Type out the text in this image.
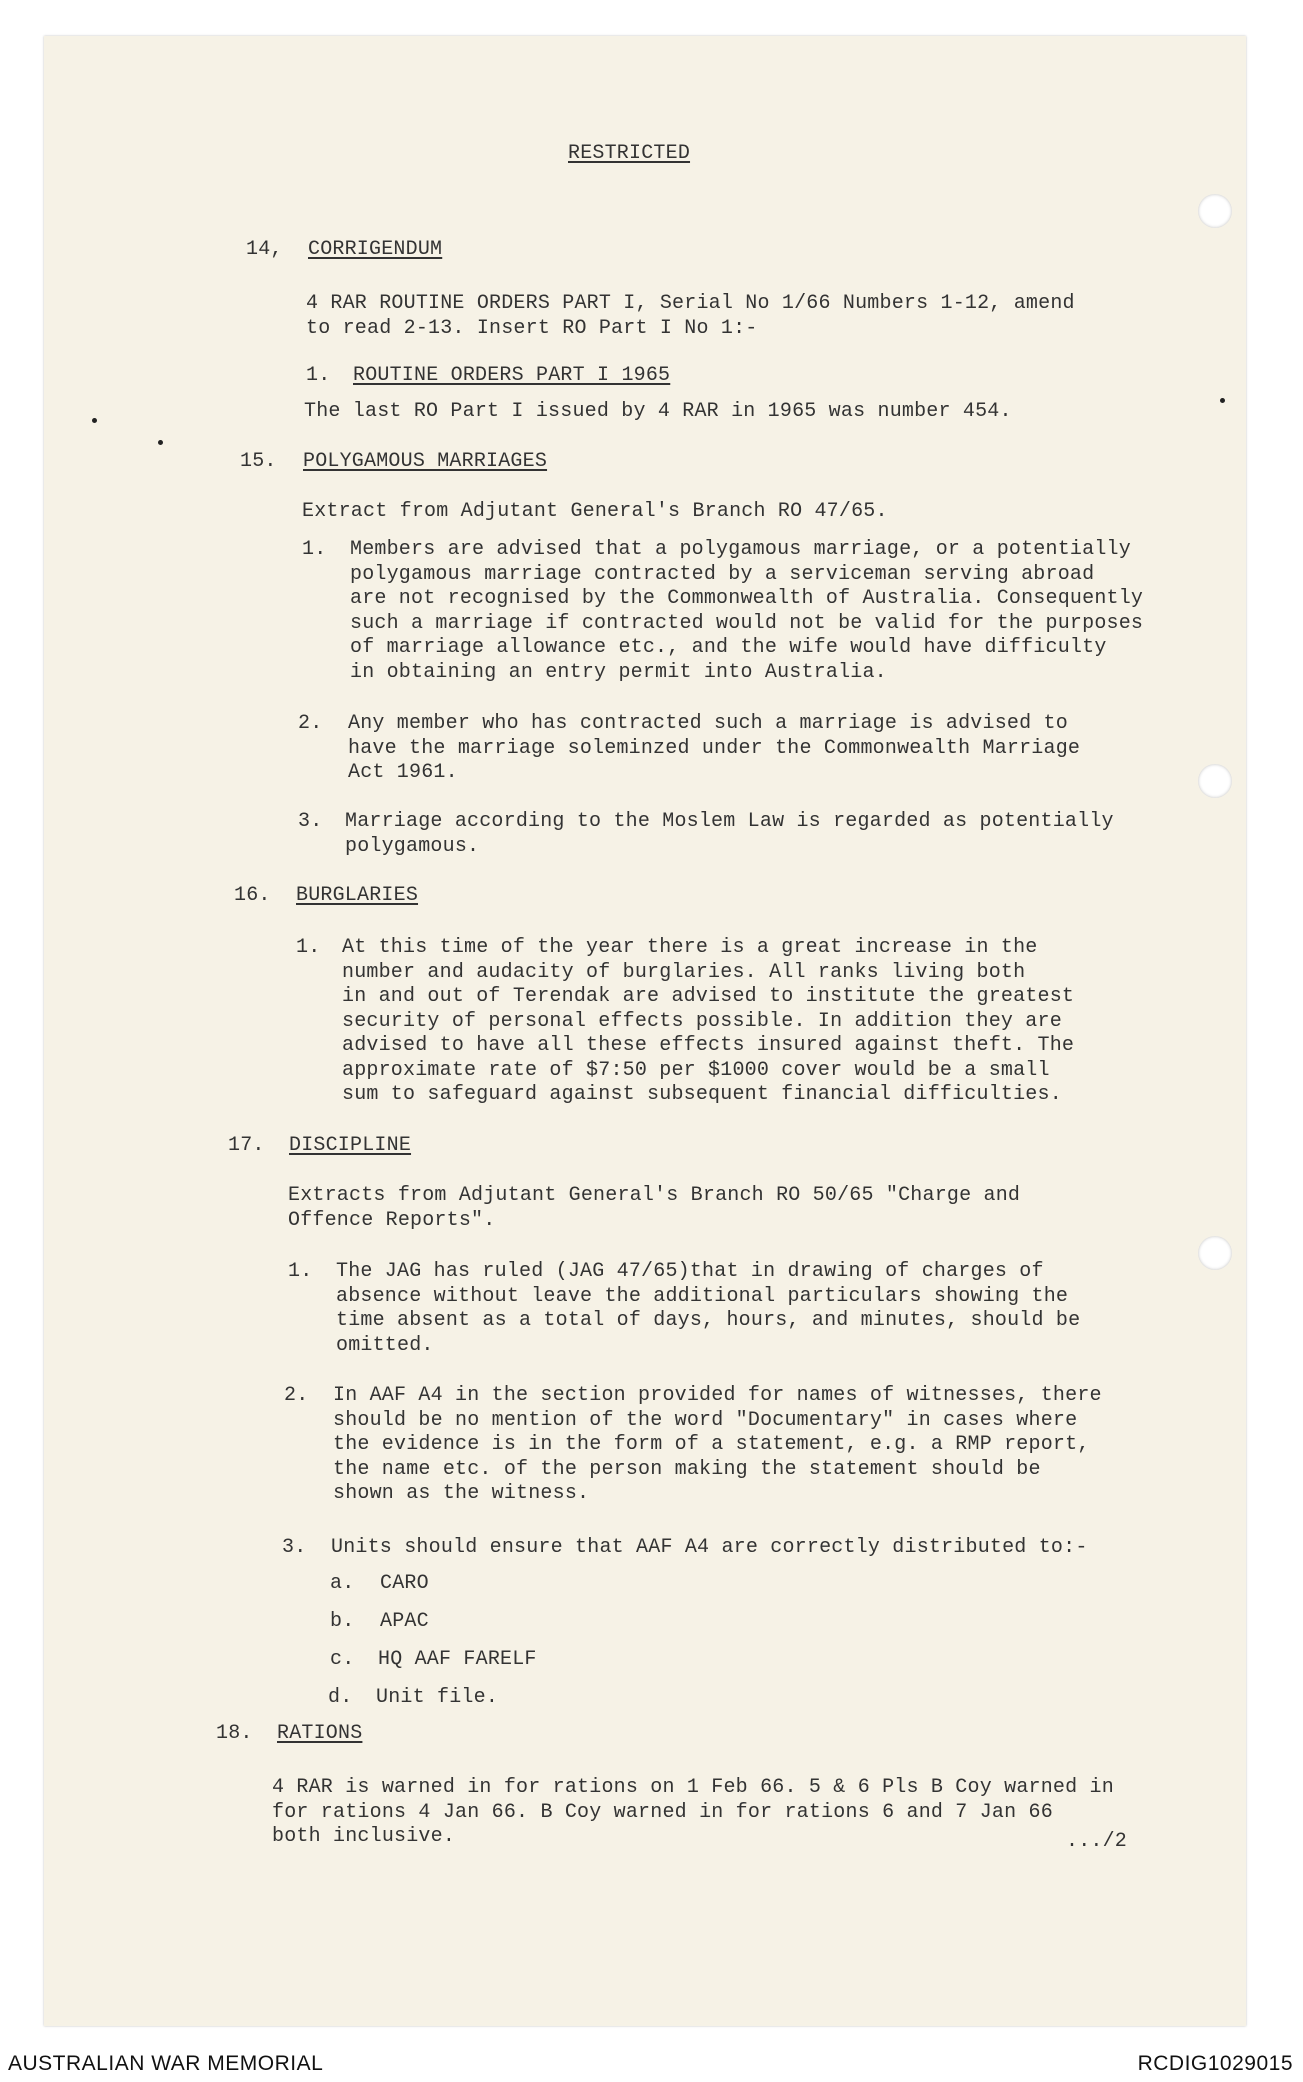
RESTRICTED
14, CORRIGENDUM
4 RAR ROUTINE ORDERS PART I, Serial No 1/66 Numbers 1-12, amend
to read 2-13. Insert RO Part I No 1:-
1. ROUTINE ORDERS PART I 1965
The last RO Part I issued by 4 RAR in 1965 was number 454.
15. POLYGAMOUS MARRIAGES
Extract from Adjutant General's Branch RO 47/65.
1. Members are advised that a polygamous marriage, or a potentially
polygamous marriage contracted by a serviceman serving abroad
are not recognised by the Commonwealth of Australia. Consequently
such a marriage if contracted would not be valid for the purposes
of marriage allowance etc., and the wife would have difficulty
in obtaining an entry permit into Australia.
2. Any member who has contracted such a marriage is advised to
have the marriage soleminzed under the Commonwealth Marriage
Act 1961.
3. Marriage according to the Moslem Law is regarded as potentially
polygamous.
16. BURGLARIES
1. At this time of the year there is a great increase in the
number and audacity of burglaries. All ranks living both
in and out of Terendak are advised to institute the greatest
security of personal effects possible. In addition they are
advised to have all these effects insured against theft. The
approximate rate of $7:50 per $1000 cover would be a small
sum to safeguard against subsequent financial difficulties.
17. DISCIPLINE
Extracts from Adjutant General's Branch RO 50/65 "Charge and
Offence Reports".
1. The JAG has ruled (JAG 47/65)that in drawing of charges of
absence without leave the additional particulars showing the
time absent as a total of days, hours, and minutes, should be
omitted.
2. In AAF A4 in the section provided for names of witnesses, there
should be no mention of the word "Documentary" in cases where
the evidence is in the form of a statement, e.g. a RMP report,
the name etc. of the person making the statement should be
shown as the witness.
3. Units should ensure that AAF A4 are correctly distributed to:-
a. CARO
b. APAC
c. HQ AAF FARELF
d. Unit file.
18. RATIONS
4 RAR is warned in for rations on 1 Feb 66. 5 & 6 Pls B Coy warned in
for rations 4 Jan 66. B Coy warned in for rations 6 and 7 Jan 66
both inclusive.	.../2
AUSTRALIAN WAR MEMORIAL	RCDIG1029015
